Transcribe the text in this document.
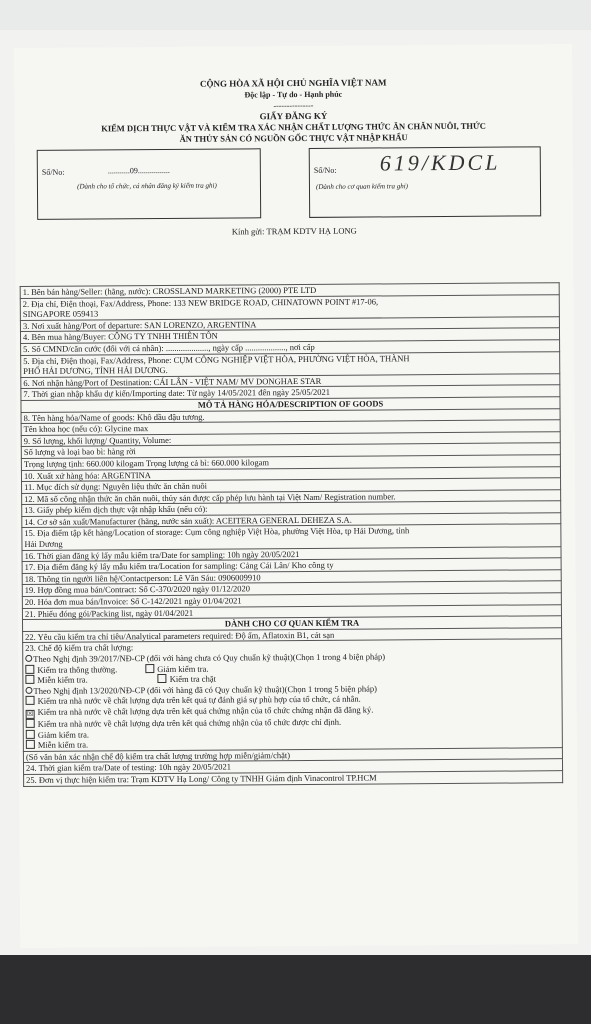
CỘNG HÒA XÃ HỘI CHỦ NGHĨA VIỆT NAM
Độc lập - Tự do - Hạnh phúc
---------------
GIẤY ĐĂNG KÝ
KIỂM DỊCH THỰC VẬT VÀ KIỂM TRA XÁC NHẬN CHẤT LƯỢNG THỨC ĂN CHĂN NUÔI, THỨC
ĂN THỦY SẢN CÓ NGUỒN GỐC THỰC VẬT NHẬP KHẨU
Số/No:	...........09................
(Dành cho tổ chức, cá nhân đăng ký kiểm tra ghi)
Số/No: 619/KDCL
(Dành cho cơ quan kiểm tra ghi)
Kính gửi: TRẠM KDTV HẠ LONG
1. Bên bán hàng/Seller: (hãng, nước): CROSSLAND MARKETING (2000) PTE LTD

2. Địa chỉ, Điện thoại, Fax/Address, Phone: 133 NEW BRIDGE ROAD, CHINATOWN POINT #17-06,
SINGAPORE 059413

3. Nơi xuất hàng/Port of departure: SAN LORENZO, ARGENTINA
4. Bên mua hàng/Buyer: CÔNG TY TNHH THIÊN TÔN
5. Số CMND/căn cước (đối với cá nhân): ...................., ngày cấp ..................., nơi cấp

5. Địa chỉ, Điện thoại, Fax/Address, Phone: CỤM CÔNG NGHIỆP VIỆT HÒA, PHƯỜNG VIỆT HÒA, THÀNH
PHỐ HẢI DƯƠNG, TỈNH HẢI DƯƠNG.

6. Nơi nhận hàng/Port of Destination: CÁI LÂN - VIỆT NAM/ MV DONGHAE STAR
7. Thời gian nhập khẩu dự kiến/Importing date: Từ ngày 14/05/2021 đến ngày 25/05/2021
MÔ TẢ HÀNG HÓA/DESCRIPTION OF GOODS
8. Tên hàng hóa/Name of goods: Khô dầu đậu tương.
Tên khoa học (nếu có): Glycine max
9. Số lượng, khối lượng/ Quantity, Volume:
Số lượng và loại bao bì: hàng rời
Trọng lượng tịnh: 660.000 kilogam Trọng lượng cả bì: 660.000 kilogam
10. Xuất xứ hàng hóa: ARGENTINA
11. Mục đích sử dụng: Nguyên liệu thức ăn chăn nuôi
12. Mã số công nhận thức ăn chăn nuôi, thủy sản được cấp phép lưu hành tại Việt Nam/ Registration number.
13. Giấy phép kiểm dịch thực vật nhập khẩu (nếu có):
14. Cơ sở sản xuất/Manufacturer (hãng, nước sản xuất): ACEITERA GENERAL DEHEZA S.A.

15. Địa điểm tập kết hàng/Location of storage: Cụm công nghiệp Việt Hòa, phường Việt Hòa, tp Hải Dương, tỉnh
Hải Dương

16. Thời gian đăng ký lấy mẫu kiểm tra/Date for sampling: 10h ngày 20/05/2021
17. Địa điểm đăng ký lấy mẫu kiểm tra/Location for sampling: Cảng Cái Lân/ Kho công ty
18. Thông tin người liên hệ/Contactperson: Lê Văn Sáu: 0906009910
19. Hợp đồng mua bán/Contract: Số C-370/2020 ngày 01/12/2020
20. Hóa đơn mua bán/Invoice: Số C-142/2021 ngày 01/04/2021
21. Phiếu đóng gói/Packing list, ngày 01/04/2021
DÀNH CHO CƠ QUAN KIỂM TRA
22. Yêu cầu kiểm tra chỉ tiêu/Analytical parameters required: Độ ẩm, Aflatoxin B1, cát sạn

23. Chế độ kiểm tra chất lượng:
Theo Nghị định 39/2017/NĐ-CP (đối với hàng chưa có Quy chuẩn kỹ thuật)(Chọn 1 trong 4 biện pháp)
Kiểm tra thông thường.	Giảm kiểm tra.
Miễn kiểm tra.	Kiểm tra chặt
Theo Nghị định 13/2020/NĐ-CP (đối với hàng đã có Quy chuẩn kỹ thuật)(Chọn 1 trong 5 biện pháp)
Kiểm tra nhà nước về chất lượng dựa trên kết quả tự đánh giá sự phù hợp của tổ chức, cá nhân.
☒ Kiểm tra nhà nước về chất lượng dựa trên kết quả chứng nhận của tổ chức chứng nhận đã đăng ký.
Kiểm tra nhà nước về chất lượng dựa trên kết quả chứng nhận của tổ chức được chỉ định.
Giảm kiểm tra.
Miễn kiểm tra.

(Số văn bản xác nhận chế độ kiểm tra chất lượng trường hợp miễn/giảm/chặt)
24. Thời gian kiểm tra/Date of testing: 10h ngày 20/05/2021
25. Đơn vị thực hiện kiểm tra: Trạm KDTV Hạ Long/ Công ty TNHH Giám định Vinacontrol TP.HCM
